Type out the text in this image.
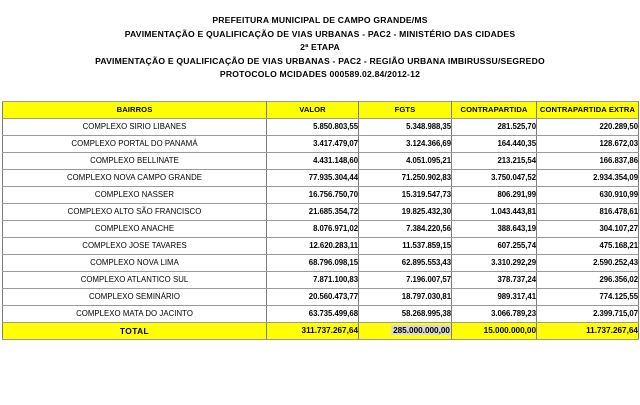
PREFEITURA MUNICIPAL DE CAMPO GRANDE/MS
PAVIMENTAÇÃO E QUALIFICAÇÃO DE VIAS URBANAS - PAC2 - MINISTÉRIO DAS CIDADES
2ª ETAPA
PAVIMENTAÇÃO E QUALIFICAÇÃO DE VIAS URBANAS - PAC2 - REGIÃO URBANA IMBIRUSSU/SEGREDO
PROTOCOLO MCIDADES 000589.02.84/2012-12
BAIRROS	VALOR	FGTS	CONTRAPARTIDA	CONTRAPARTIDA EXTRA
COMPLEXO SIRIO LIBANES	5.850.803,55	5.348.988,35	281.525,70	220.289,50
COMPLEXO PORTAL DO PANAMÁ	3.417.479,07	3.124.366,69	164.440,35	128.672,03
COMPLEXO BELLINATE	4.431.148,60	4.051.095,21	213.215,54	166.837,86
COMPLEXO NOVA CAMPO GRANDE	77.935.304,44	71.250.902,83	3.750.047,52	2.934.354,09
COMPLEXO NASSER	16.756.750,70	15.319.547,73	806.291,99	630.910,99
COMPLEXO ALTO SÃO FRANCISCO	21.685.354,72	19.825.432,30	1.043.443,81	816.478,61
COMPLEXO ANACHE	8.076.971,02	7.384.220,56	388.643,19	304.107,27
COMPLEXO JOSE TAVARES	12.620.283,11	11.537.859,15	607.255,74	475.168,21
COMPLEXO NOVA LIMA	68.796.098,15	62.895.553,43	3.310.292,29	2.590.252,43
COMPLEXO ATLANTICO SUL	7.871.100,83	7.196.007,57	378.737,24	296.356,02
COMPLEXO SEMINÁRIO	20.560.473,77	18.797.030,81	989.317,41	774.125,55
COMPLEXO MATA DO JACINTO	63.735.499,68	58.268.995,38	3.066.789,23	2.399.715,07
TOTAL	311.737.267,64	285.000.000,00	15.000.000,00	11.737.267,64
